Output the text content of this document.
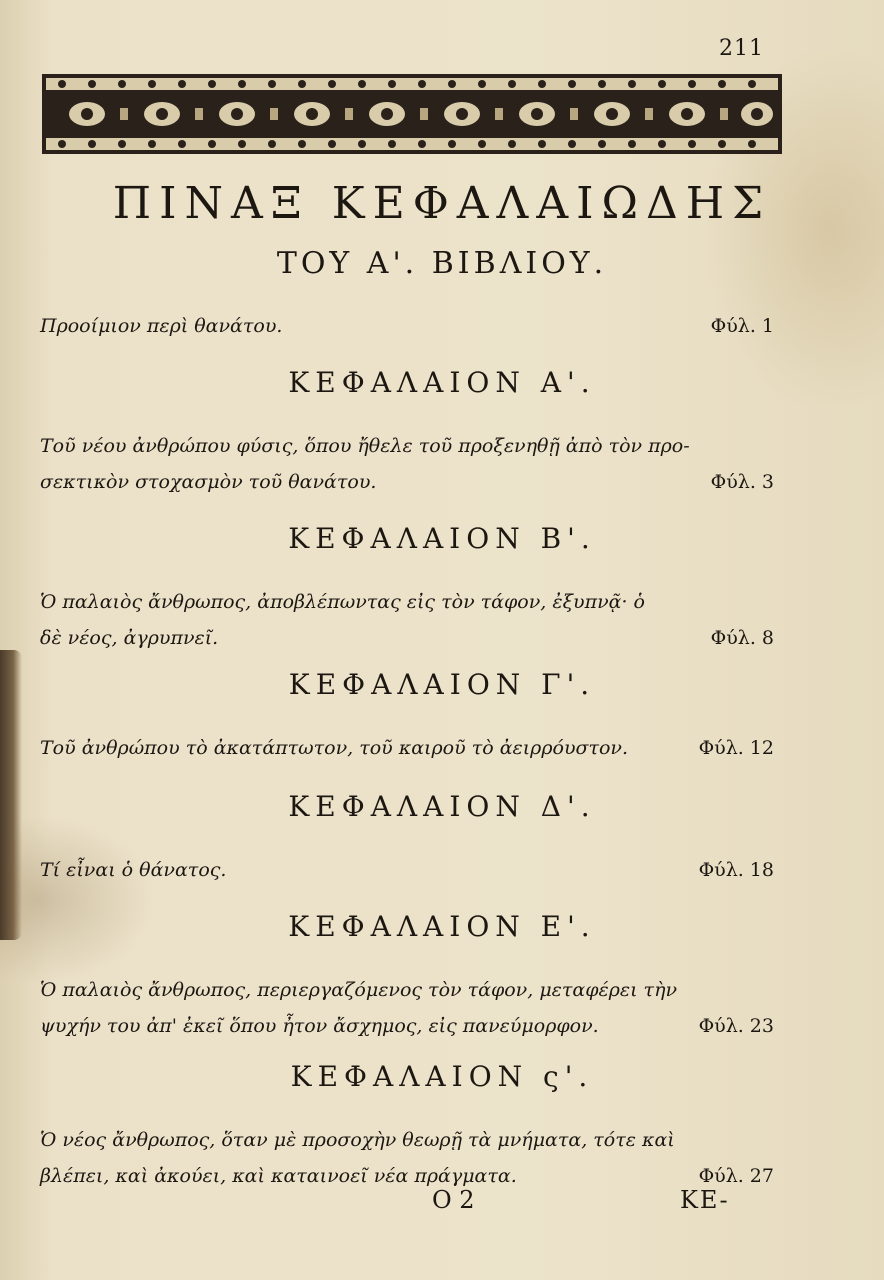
211
ΠΙΝΑΞ ΚΕΦΑΛΑΙΩΔΗΣ
ΤΟΥ Α'. ΒΙΒΛΙΟΥ.
Προοίμιον περὶ θανάτου.	Φύλ. 1
ΚΕΦΑΛΑΙΟΝ Α'.
Τοῦ νέου ἀνθρώπου φύσις, ὅπου ἤθελε τοῦ προξενηθῇ ἀπὸ τὸν προ-
σεκτικὸν στοχασμὸν τοῦ θανάτου.	Φύλ. 3
ΚΕΦΑΛΑΙΟΝ Β'.
Ὁ παλαιὸς ἄνθρωπος, ἀποβλέπωντας εἰς τὸν τάφον, ἐξυπνᾷ· ὁ
δὲ νέος, ἀγρυπνεῖ.	Φύλ. 8
ΚΕΦΑΛΑΙΟΝ Γ'.
Τοῦ ἀνθρώπου τὸ ἀκατάπτωτον, τοῦ καιροῦ τὸ ἀειρρόυστον.	Φύλ. 12
ΚΕΦΑΛΑΙΟΝ Δ'.
Τί εἶναι ὁ θάνατος.	Φύλ. 18
ΚΕΦΑΛΑΙΟΝ Ε'.
Ὁ παλαιὸς ἄνθρωπος, περιεργαζόμενος τὸν τάφον, μεταφέρει τὴν
ψυχήν του ἀπ' ἐκεῖ ὅπου ἦτον ἄσχημος, εἰς πανεύμορφον.	Φύλ. 23
ΚΕΦΑΛΑΙΟΝ ς'.
Ὁ νέος ἄνθρωπος, ὅταν μὲ προσοχὴν θεωρῇ τὰ μνήματα, τότε καὶ
βλέπει, καὶ ἀκούει, καὶ καταινοεῖ νέα πράγματα.	Φύλ. 27
Ο 2	ΚΕ-
